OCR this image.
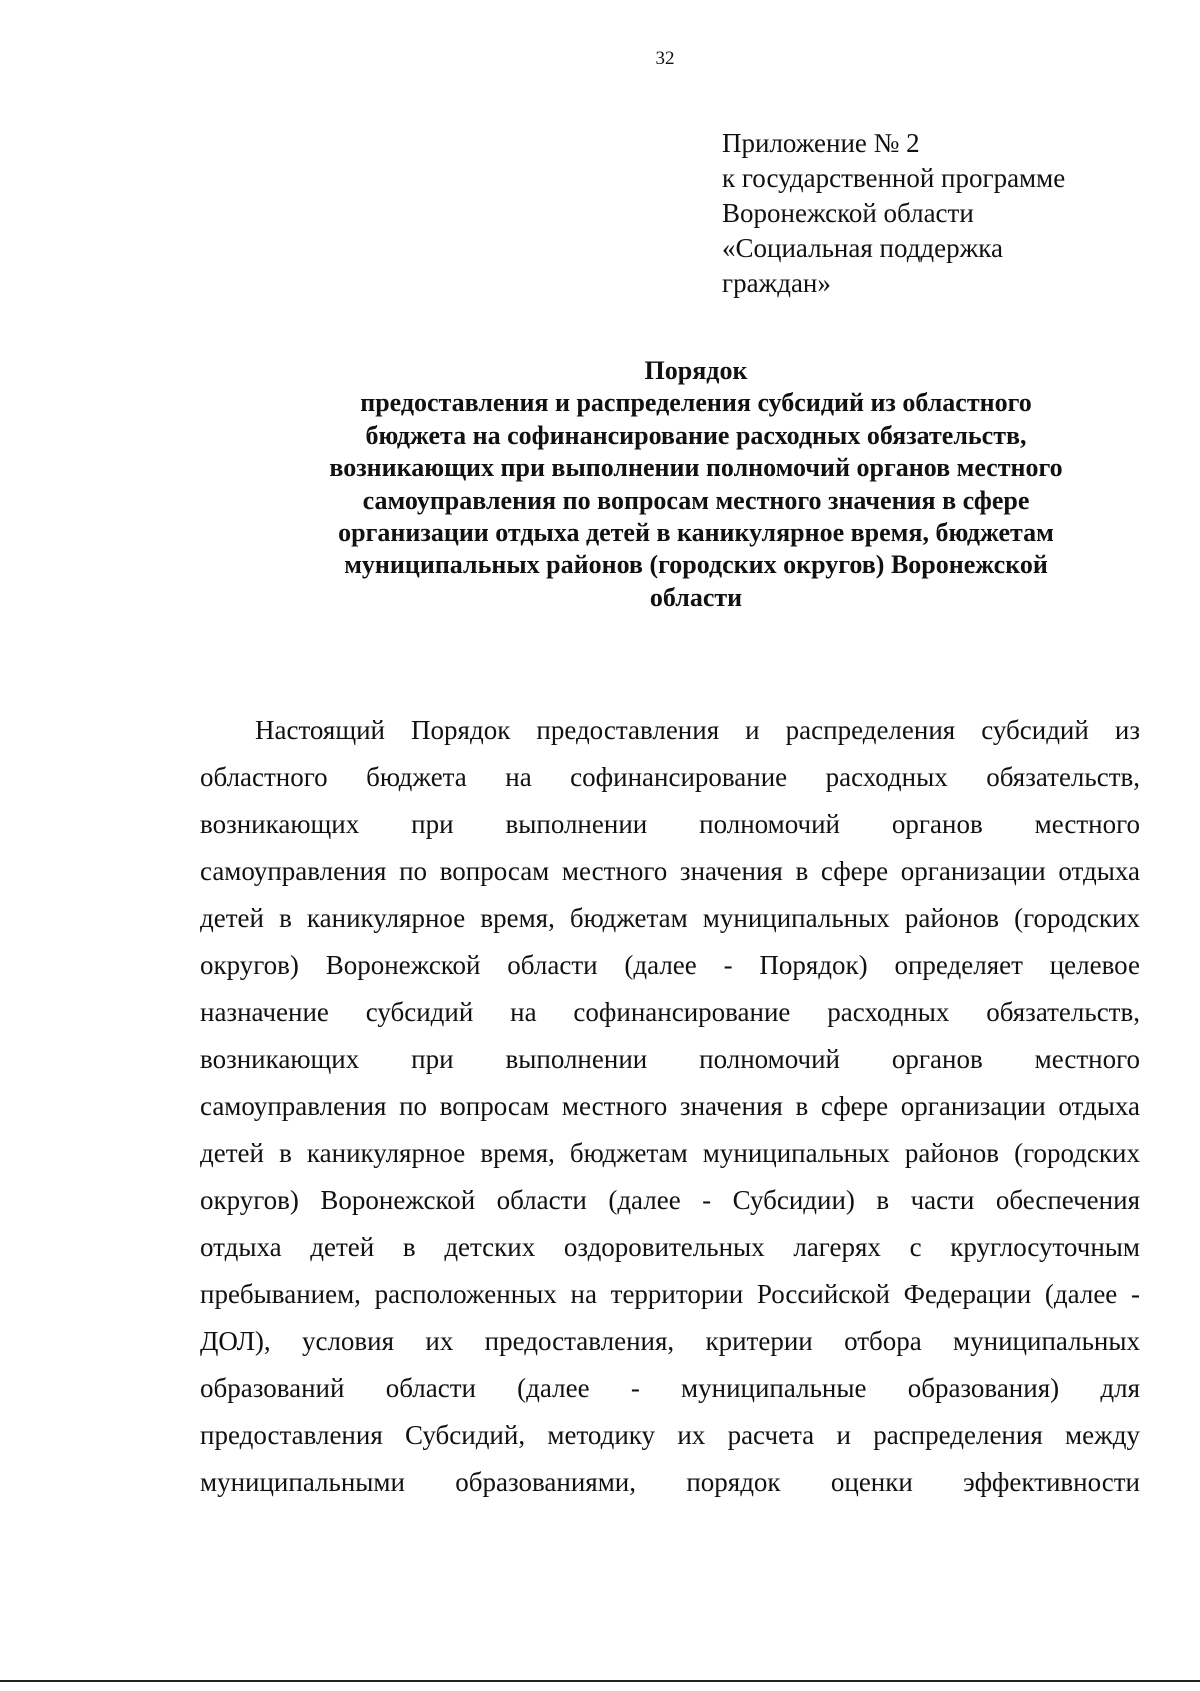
32
Приложение № 2
к государственной программе
Воронежской области
«Социальная поддержка
граждан»
Порядок
предоставления и распределения субсидий из областного
бюджета на софинансирование расходных обязательств,
возникающих при выполнении полномочий органов местного
самоуправления по вопросам местного значения в сфере
организации отдыха детей в каникулярное время, бюджетам
муниципальных районов (городских округов) Воронежской
области
Настоящий Порядок предоставления и распределения субсидий из
областного бюджета на софинансирование расходных обязательств,
возникающих при выполнении полномочий органов местного
самоуправления по вопросам местного значения в сфере организации отдыха
детей в каникулярное время, бюджетам муниципальных районов (городских
округов) Воронежской области (далее - Порядок) определяет целевое
назначение субсидий на софинансирование расходных обязательств,
возникающих при выполнении полномочий органов местного
самоуправления по вопросам местного значения в сфере организации отдыха
детей в каникулярное время, бюджетам муниципальных районов (городских
округов) Воронежской области (далее - Субсидии) в части обеспечения
отдыха детей в детских оздоровительных лагерях с круглосуточным
пребыванием, расположенных на территории Российской Федерации (далее -
ДОЛ), условия их предоставления, критерии отбора муниципальных
образований области (далее - муниципальные образования) для
предоставления Субсидий, методику их расчета и распределения между
муниципальными образованиями, порядок оценки эффективности
